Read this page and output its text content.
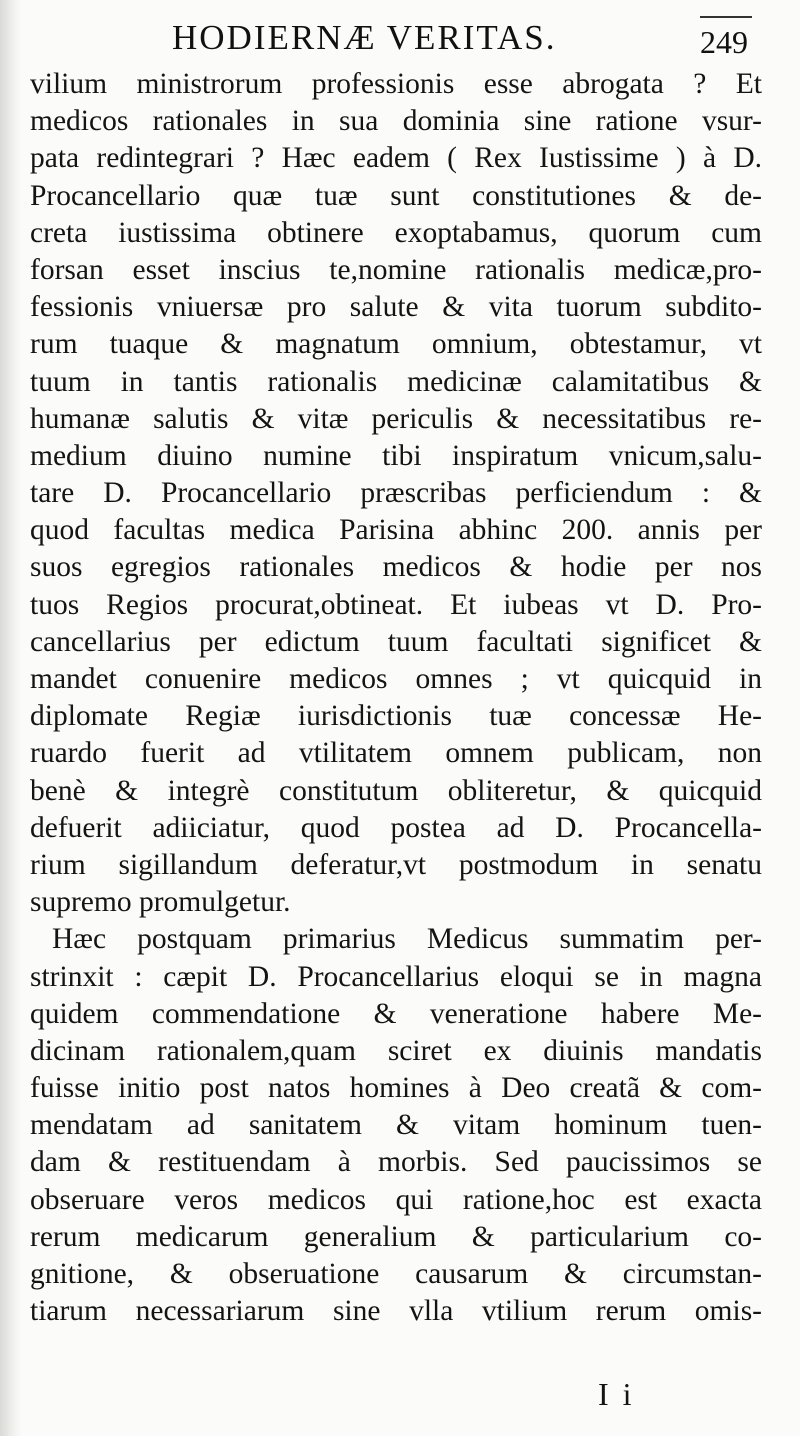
HODIERNÆ VERITAS.	249
vilium ministrorum professionis esse abrogata ? Et
medicos rationales in sua dominia sine ratione vsur-
pata redintegrari ? Hæc eadem ( Rex Iustissime ) à D.
Procancellario quæ tuæ sunt constitutiones & de-
creta iustissima obtinere exoptabamus, quorum cum
forsan esset inscius te,nomine rationalis medicæ,pro-
fessionis vniuersæ pro salute & vita tuorum subdito-
rum tuaque & magnatum omnium, obtestamur, vt
tuum in tantis rationalis medicinæ calamitatibus &
humanæ salutis & vitæ periculis & necessitatibus re-
medium diuino numine tibi inspiratum vnicum,salu-
tare D. Procancellario præscribas perficiendum : &
quod facultas medica Parisina abhinc 200. annis per
suos egregios rationales medicos & hodie per nos
tuos Regios procurat,obtineat. Et iubeas vt D. Pro-
cancellarius per edictum tuum facultati significet &
mandet conuenire medicos omnes ; vt quicquid in
diplomate Regiæ iurisdictionis tuæ concessæ He-
ruardo fuerit ad vtilitatem omnem publicam, non
benè & integrè constitutum obliteretur, & quicquid
defuerit adiiciatur, quod postea ad D. Procancella-
rium sigillandum deferatur,vt postmodum in senatu
supremo promulgetur.
Hæc postquam primarius Medicus summatim per-
strinxit : cæpit D. Procancellarius eloqui se in magna
quidem commendatione & veneratione habere Me-
dicinam rationalem,quam sciret ex diuinis mandatis
fuisse initio post natos homines à Deo creatã & com-
mendatam ad sanitatem & vitam hominum tuen-
dam & restituendam à morbis. Sed paucissimos se
obseruare veros medicos qui ratione,hoc est exacta
rerum medicarum generalium & particularium co-
gnitione, & obseruatione causarum & circumstan-
tiarum necessariarum sine vlla vtilium rerum omis-
I i
